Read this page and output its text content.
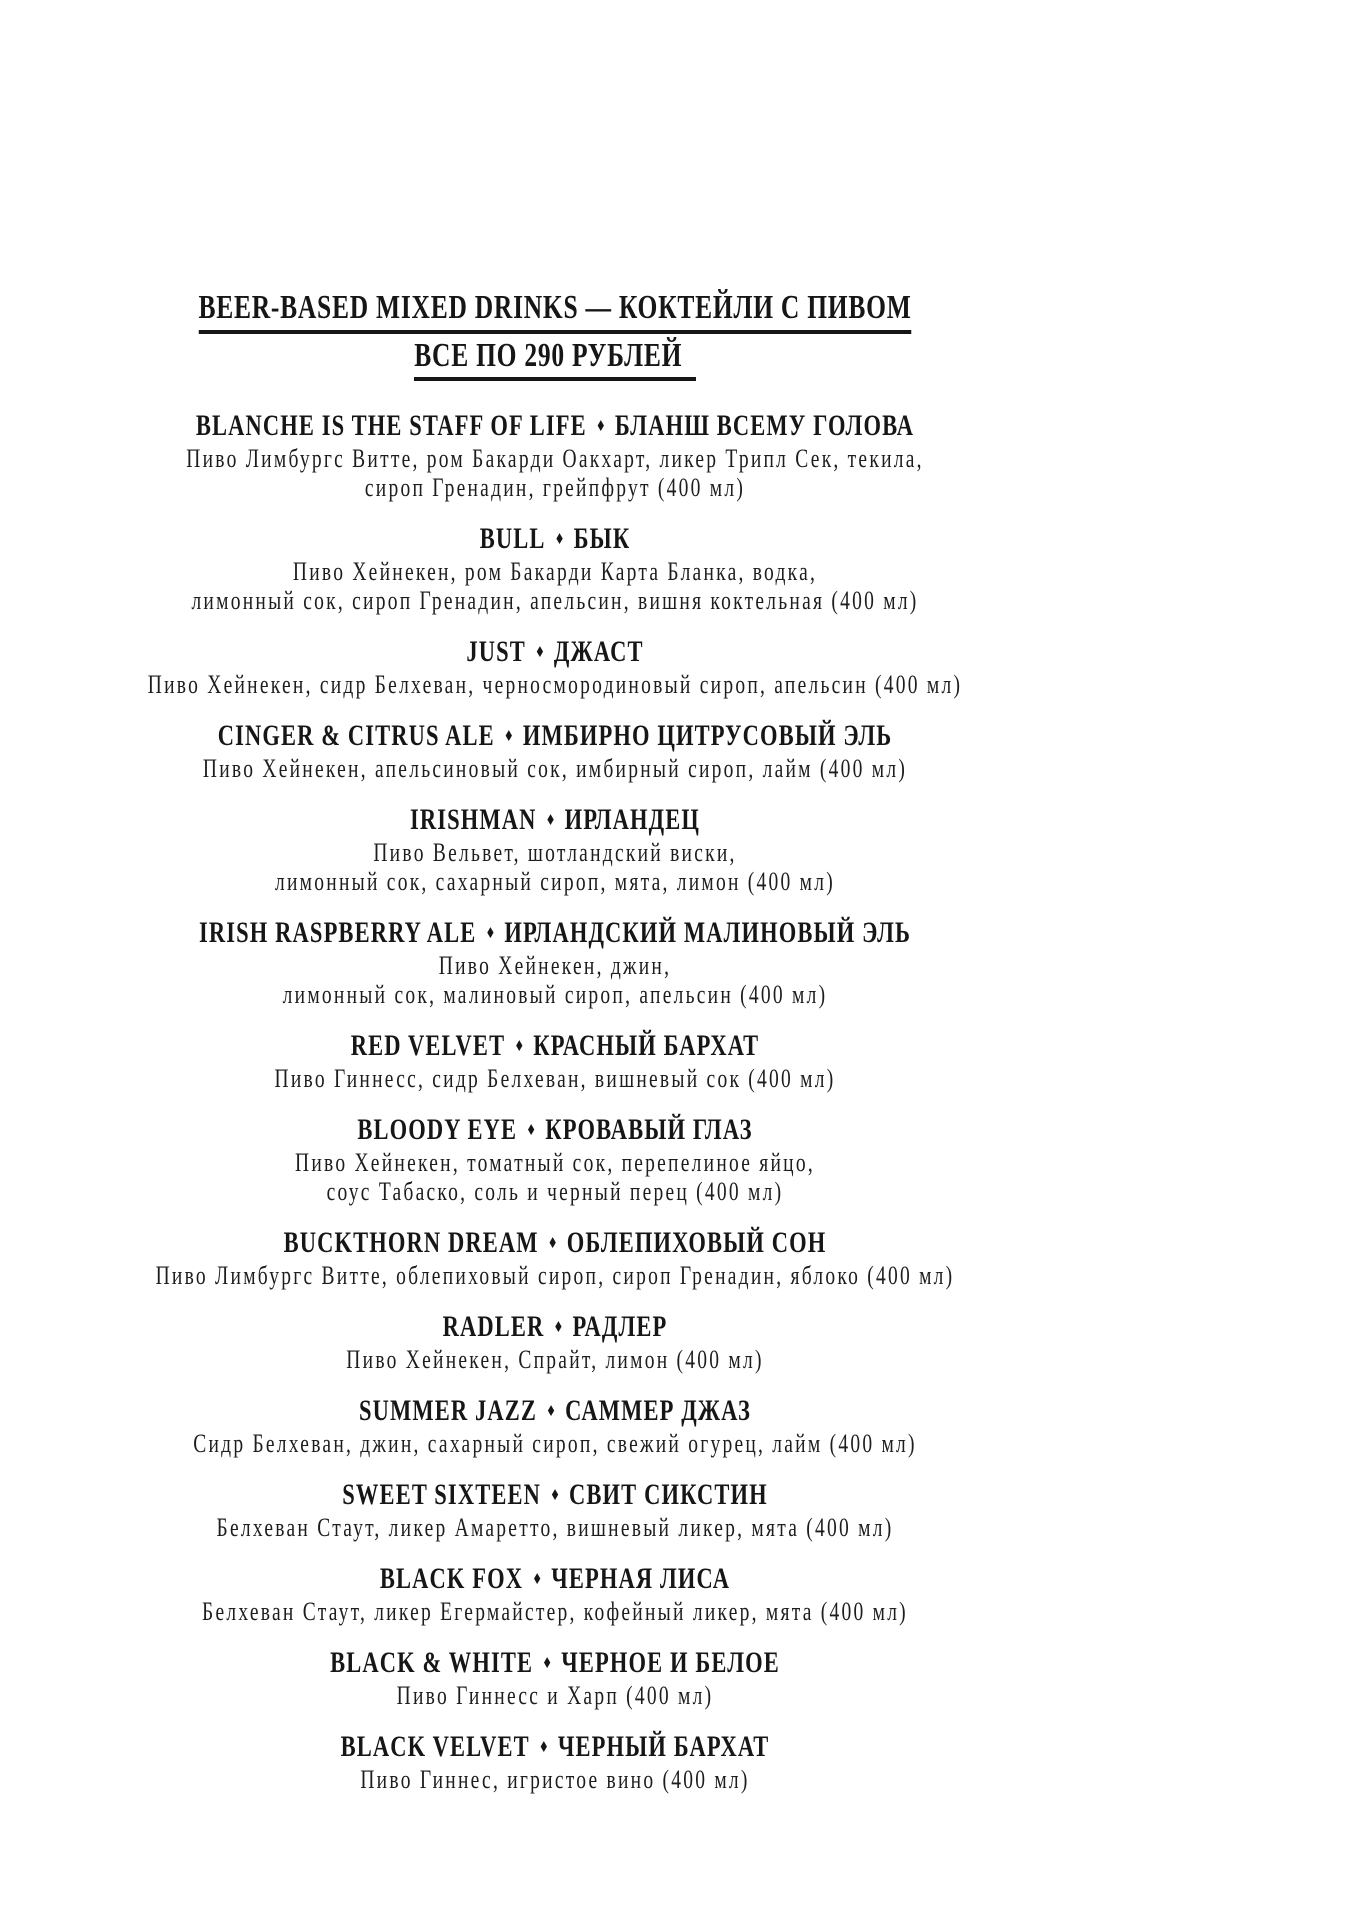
BEER-BASED MIXED DRINKS — КОКТЕЙЛИ С ПИВОМ
ВСЕ ПО 290 РУБЛЕЙ
BLANCHE IS THE STAFF OF LIFE ♦ БЛАНШ ВСЕМУ ГОЛОВА
Пиво Лимбургс Витте, ром Бакарди Оакхарт, ликер Трипл Сек, текила,
сироп Гренадин, грейпфрут (400 мл)
BULL ♦ БЫК
Пиво Хейнекен, ром Бакарди Карта Бланка, водка,
лимонный сок, сироп Гренадин, апельсин, вишня коктельная (400 мл)
JUST ♦ ДЖАСТ
Пиво Хейнекен, сидр Белхеван, черносмородиновый сироп, апельсин (400 мл)
CINGER & CITRUS ALE ♦ ИМБИРНО ЦИТРУСОВЫЙ ЭЛЬ
Пиво Хейнекен, апельсиновый сок, имбирный сироп, лайм (400 мл)
IRISHMAN ♦ ИРЛАНДЕЦ
Пиво Вельвет, шотландский виски,
лимонный сок, сахарный сироп, мята, лимон (400 мл)
IRISH RASPBERRY ALE ♦ ИРЛАНДСКИЙ МАЛИНОВЫЙ ЭЛЬ
Пиво Хейнекен, джин,
лимонный сок, малиновый сироп, апельсин (400 мл)
RED VELVET ♦ КРАСНЫЙ БАРХАТ
Пиво Гиннесс, сидр Белхеван, вишневый сок (400 мл)
BLOODY EYE ♦ КРОВАВЫЙ ГЛАЗ
Пиво Хейнекен, томатный сок, перепелиное яйцо,
соус Табаско, соль и черный перец (400 мл)
BUCKTHORN DREAM ♦ ОБЛЕПИХОВЫЙ СОН
Пиво Лимбургс Витте, облепиховый сироп, сироп Гренадин, яблоко (400 мл)
RADLER ♦ РАДЛЕР
Пиво Хейнекен, Спрайт, лимон (400 мл)
SUMMER JAZZ ♦ САММЕР ДЖАЗ
Сидр Белхеван, джин, сахарный сироп, свежий огурец, лайм (400 мл)
SWEET SIXTEEN ♦ СВИТ СИКСТИН
Белхеван Стаут, ликер Амаретто, вишневый ликер, мята (400 мл)
BLACK FOX ♦ ЧЕРНАЯ ЛИСА
Белхеван Стаут, ликер Егермайстер, кофейный ликер, мята (400 мл)
BLACK & WHITE ♦ ЧЕРНОЕ И БЕЛОЕ
Пиво Гиннесс и Харп (400 мл)
BLACK VELVET ♦ ЧЕРНЫЙ БАРХАТ
Пиво Гиннес, игристое вино (400 мл)
